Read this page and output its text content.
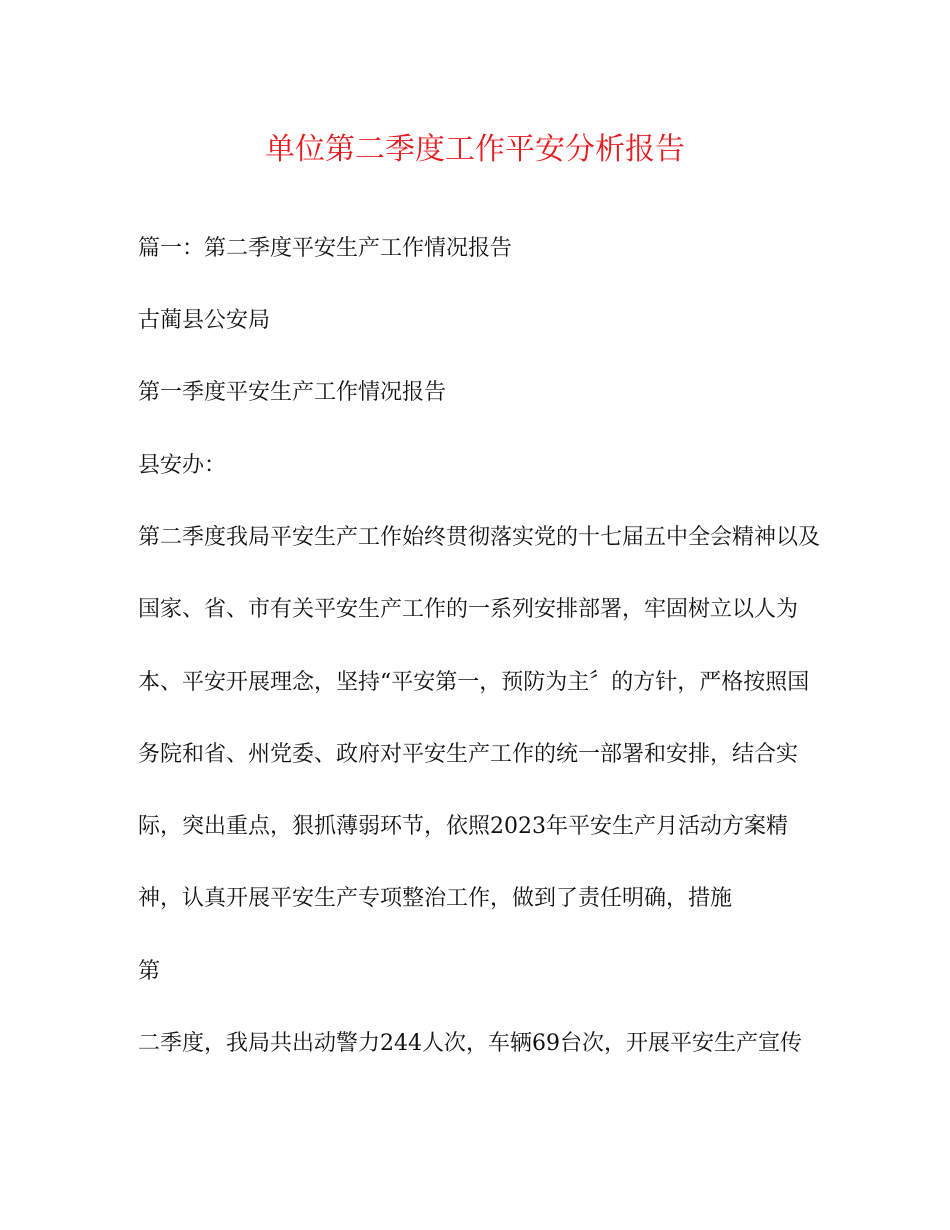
单位第二季度工作平安分析报告
篇一：第二季度平安生产工作情况报告
古蔺县公安局
第一季度平安生产工作情况报告
县安办：
第二季度我局平安生产工作始终贯彻落实党的十七届五中全会精神以及
国家、省、市有关平安生产工作的一系列安排部署，牢固树立以人为
本、平安开展理念，坚持“平安第一，预防为主〞的方针，严格按照国
务院和省、州党委、政府对平安生产工作的统一部署和安排，结合实
际，突出重点，狠抓薄弱环节，依照2023年平安生产月活动方案精
神，认真开展平安生产专项整治工作，做到了责任明确，措施
第
二季度，我局共出动警力244人次，车辆69台次，开展平安生产宣传
